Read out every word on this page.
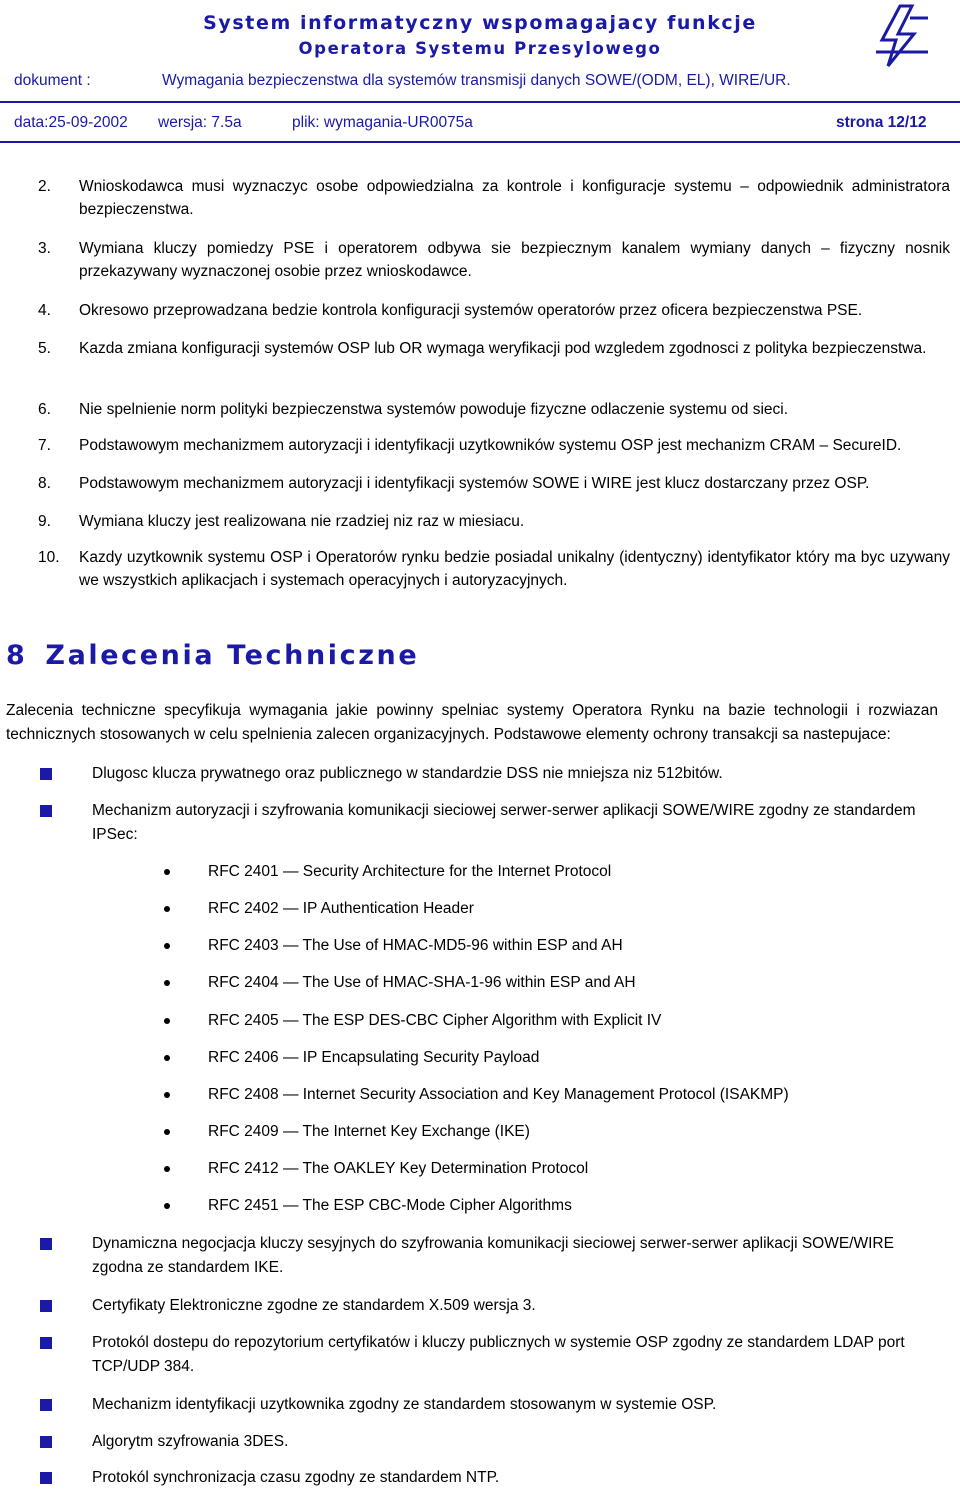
System informatyczny wspomagajacy funkcje
Operatora Systemu Przesylowego
dokument :	Wymagania bezpieczenstwa dla systemów transmisji danych SOWE/(ODM, EL), WIRE/UR.
data:25-09-2002 wersja: 7.5a	plik: wymagania-UR0075a	strona 12/12
2. Wnioskodawca musi wyznaczyc osobe odpowiedzialna za kontrole i konfiguracje systemu – odpowiednik administratora bezpieczenstwa.
3. Wymiana kluczy pomiedzy PSE i operatorem odbywa sie bezpiecznym kanalem wymiany danych – fizyczny nosnik przekazywany wyznaczonej osobie przez wnioskodawce.
4. Okresowo przeprowadzana bedzie kontrola konfiguracji systemów operatorów przez oficera bezpieczenstwa PSE.
5. Kazda zmiana konfiguracji systemów OSP lub OR wymaga weryfikacji pod wzgledem zgodnosci z polityka bezpieczenstwa.
6. Nie spelnienie norm polityki bezpieczenstwa systemów powoduje fizyczne odlaczenie systemu od sieci.
7. Podstawowym mechanizmem autoryzacji i identyfikacji uzytkowników systemu OSP jest mechanizm CRAM – SecureID.
8. Podstawowym mechanizmem autoryzacji i identyfikacji systemów SOWE i WIRE jest klucz dostarczany przez OSP.
9. Wymiana kluczy jest realizowana nie rzadziej niz raz w miesiacu.
10. Kazdy uzytkownik systemu OSP i Operatorów rynku bedzie posiadal unikalny (identyczny) identyfikator który ma byc uzywany we wszystkich aplikacjach i systemach operacyjnych i autoryzacyjnych.
8 Zalecenia Techniczne
Zalecenia techniczne specyfikuja wymagania jakie powinny spelniac systemy Operatora Rynku na bazie technologii i rozwiazan technicznych stosowanych w celu spelnienia zalecen organizacyjnych. Podstawowe elementy ochrony transakcji sa nastepujace:
Dlugosc klucza prywatnego oraz publicznego w standardzie DSS nie mniejsza niz 512bitów.
Mechanizm autoryzacji i szyfrowania komunikacji sieciowej serwer-serwer aplikacji SOWE/WIRE zgodny ze standardem IPSec:
RFC 2401 — Security Architecture for the Internet Protocol
RFC 2402 — IP Authentication Header
RFC 2403 — The Use of HMAC-MD5-96 within ESP and AH
RFC 2404 — The Use of HMAC-SHA-1-96 within ESP and AH
RFC 2405 — The ESP DES-CBC Cipher Algorithm with Explicit IV
RFC 2406 — IP Encapsulating Security Payload
RFC 2408 — Internet Security Association and Key Management Protocol (ISAKMP)
RFC 2409 — The Internet Key Exchange (IKE)
RFC 2412 — The OAKLEY Key Determination Protocol
RFC 2451 — The ESP CBC-Mode Cipher Algorithms
Dynamiczna negocjacja kluczy sesyjnych do szyfrowania komunikacji sieciowej serwer-serwer aplikacji SOWE/WIRE zgodna ze standardem IKE.
Certyfikaty Elektroniczne zgodne ze standardem X.509 wersja 3.
Protokól dostepu do repozytorium certyfikatów i kluczy publicznych w systemie OSP zgodny ze standardem LDAP port TCP/UDP 384.
Mechanizm identyfikacji uzytkownika zgodny ze standardem stosowanym w systemie OSP.
Algorytm szyfrowania 3DES.
Protokól synchronizacja czasu zgodny ze standardem NTP.
